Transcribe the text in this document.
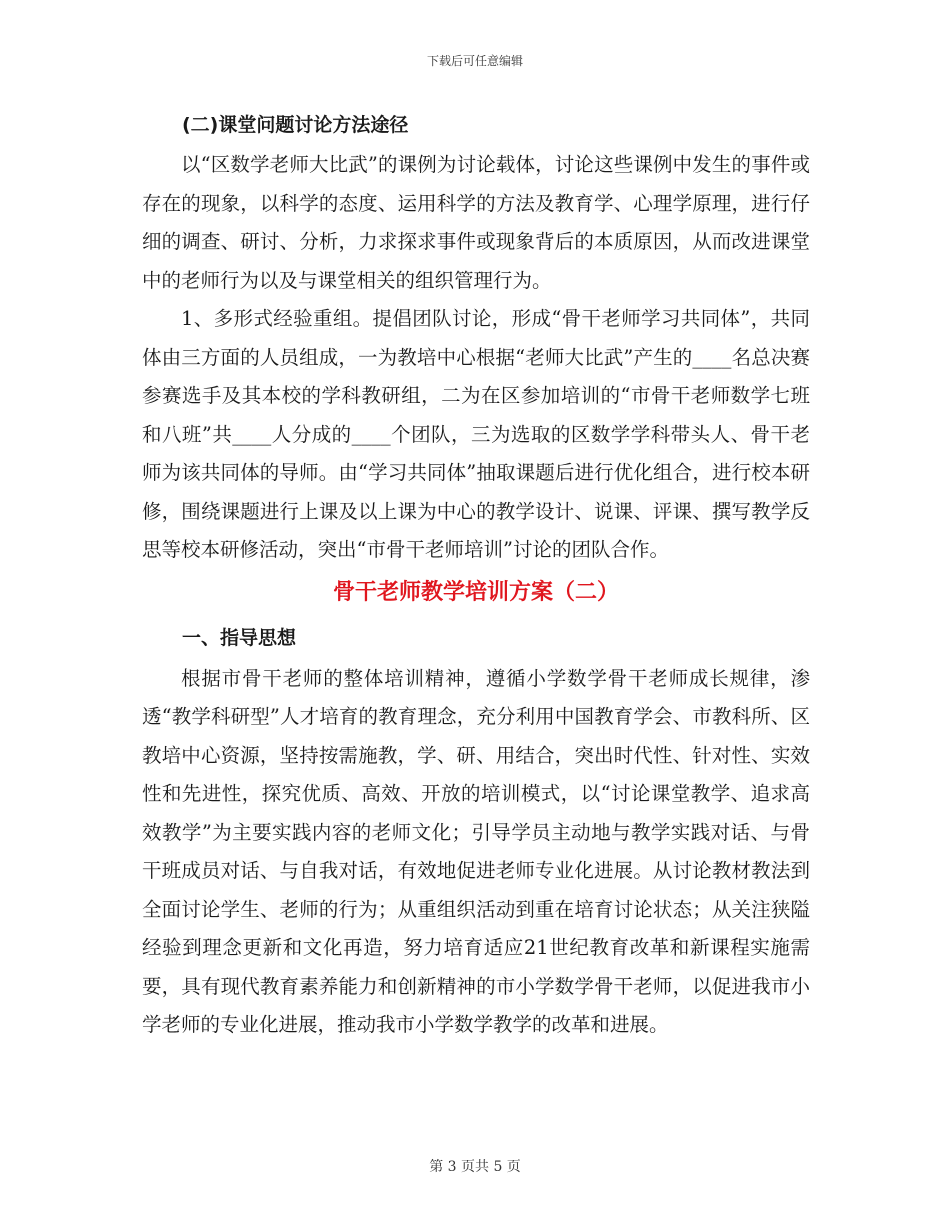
下载后可任意编辑

(二)课堂问题讨论方法途径

以“区数学老师大比武”的课例为讨论载体，讨论这些课例中发生的事件或存在的现象，以科学的态度、运用科学的方法及教育学、心理学原理，进行仔细的调查、研讨、分析，力求探求事件或现象背后的本质原因，从而改进课堂中的老师行为以及与课堂相关的组织管理行为。

1、多形式经验重组。提倡团队讨论，形成“骨干老师学习共同体”，共同体由三方面的人员组成，一为教培中心根据“老师大比武”产生的____名总决赛参赛选手及其本校的学科教研组，二为在区参加培训的“市骨干老师数学七班和八班”共____人分成的____个团队，三为选取的区数学学科带头人、骨干老师为该共同体的导师。由“学习共同体”抽取课题后进行优化组合，进行校本研修，围绕课题进行上课及以上课为中心的教学设计、说课、评课、撰写教学反思等校本研修活动，突出“市骨干老师培训”讨论的团队合作。

骨干老师教学培训方案（二）

一、指导思想

根据市骨干老师的整体培训精神，遵循小学数学骨干老师成长规律，渗透“教学科研型”人才培育的教育理念，充分利用中国教育学会、市教科所、区教培中心资源，坚持按需施教，学、研、用结合，突出时代性、针对性、实效性和先进性，探究优质、高效、开放的培训模式，以“讨论课堂教学、追求高效教学”为主要实践内容的老师文化；引导学员主动地与教学实践对话、与骨干班成员对话、与自我对话，有效地促进老师专业化进展。从讨论教材教法到全面讨论学生、老师的行为；从重组织活动到重在培育讨论状态；从关注狭隘经验到理念更新和文化再造，努力培育适应21世纪教育改革和新课程实施需要，具有现代教育素养能力和创新精神的市小学数学骨干老师，以促进我市小学老师的专业化进展，推动我市小学数学教学的改革和进展。

第 3 页共 5 页
